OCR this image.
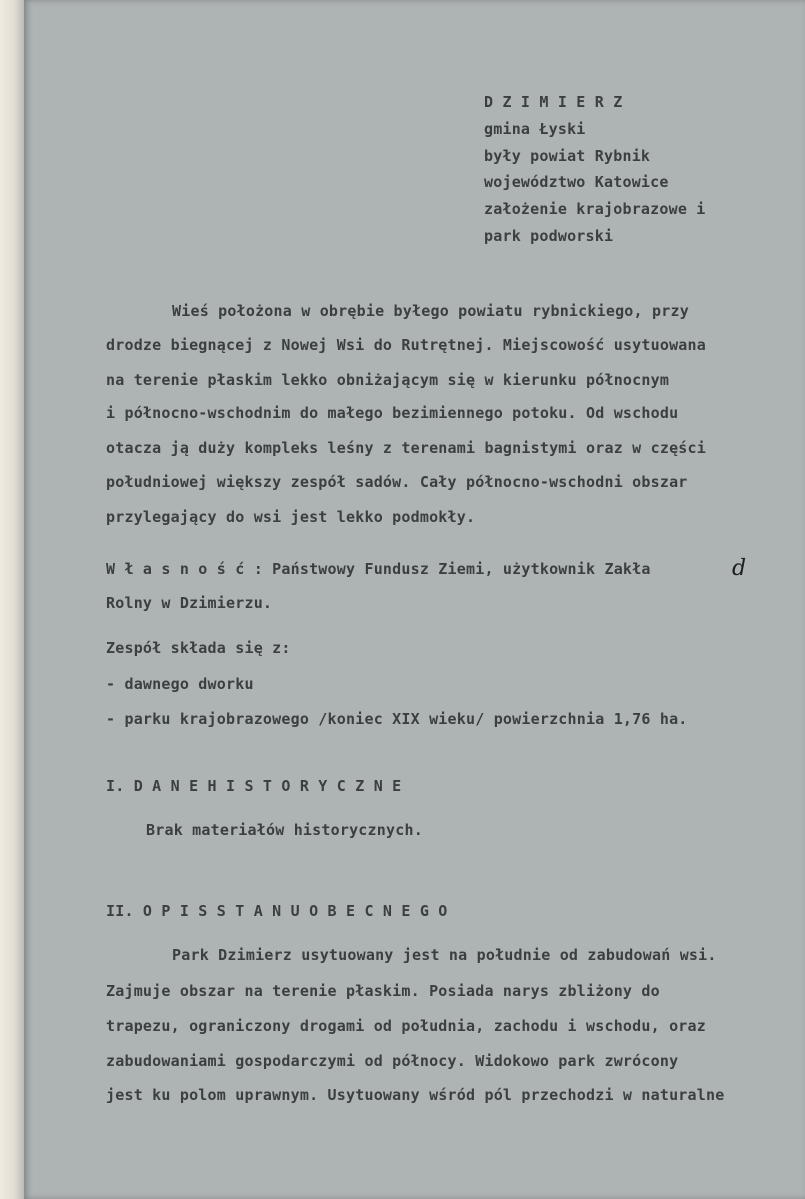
D Z I M I E R Z
gmina Łyski
były powiat Rybnik
województwo Katowice
założenie krajobrazowe i
park podworski
Wieś położona w obrębie byłego powiatu rybnickiego, przy
drodze biegnącej z Nowej Wsi do Rutrętnej. Miejscowość usytuowana
na terenie płaskim lekko obniżającym się w kierunku północnym
i północno-wschodnim do małego bezimiennego potoku. Od wschodu
otacza ją duży kompleks leśny z terenami bagnistymi oraz w części
południowej większy zespół sadów. Cały północno-wschodni obszar
przylegający do wsi jest lekko podmokły.
W ł a s n o ś ć : Państwowy Fundusz Ziemi, użytkownik Zakła	d
Rolny w Dzimierzu.
Zespół składa się z:
- dawnego dworku
- parku krajobrazowego /koniec XIX wieku/ powierzchnia 1,76 ha.
I. D A N E H I S T O R Y C Z N E
Brak materiałów historycznych.
II. O P I S S T A N U O B E C N E G O
Park Dzimierz usytuowany jest na południe od zabudowań wsi.
Zajmuje obszar na terenie płaskim. Posiada narys zbliżony do
trapezu, ograniczony drogami od południa, zachodu i wschodu, oraz
zabudowaniami gospodarczymi od północy. Widokowo park zwrócony
jest ku polom uprawnym. Usytuowany wśród pól przechodzi w naturalne
